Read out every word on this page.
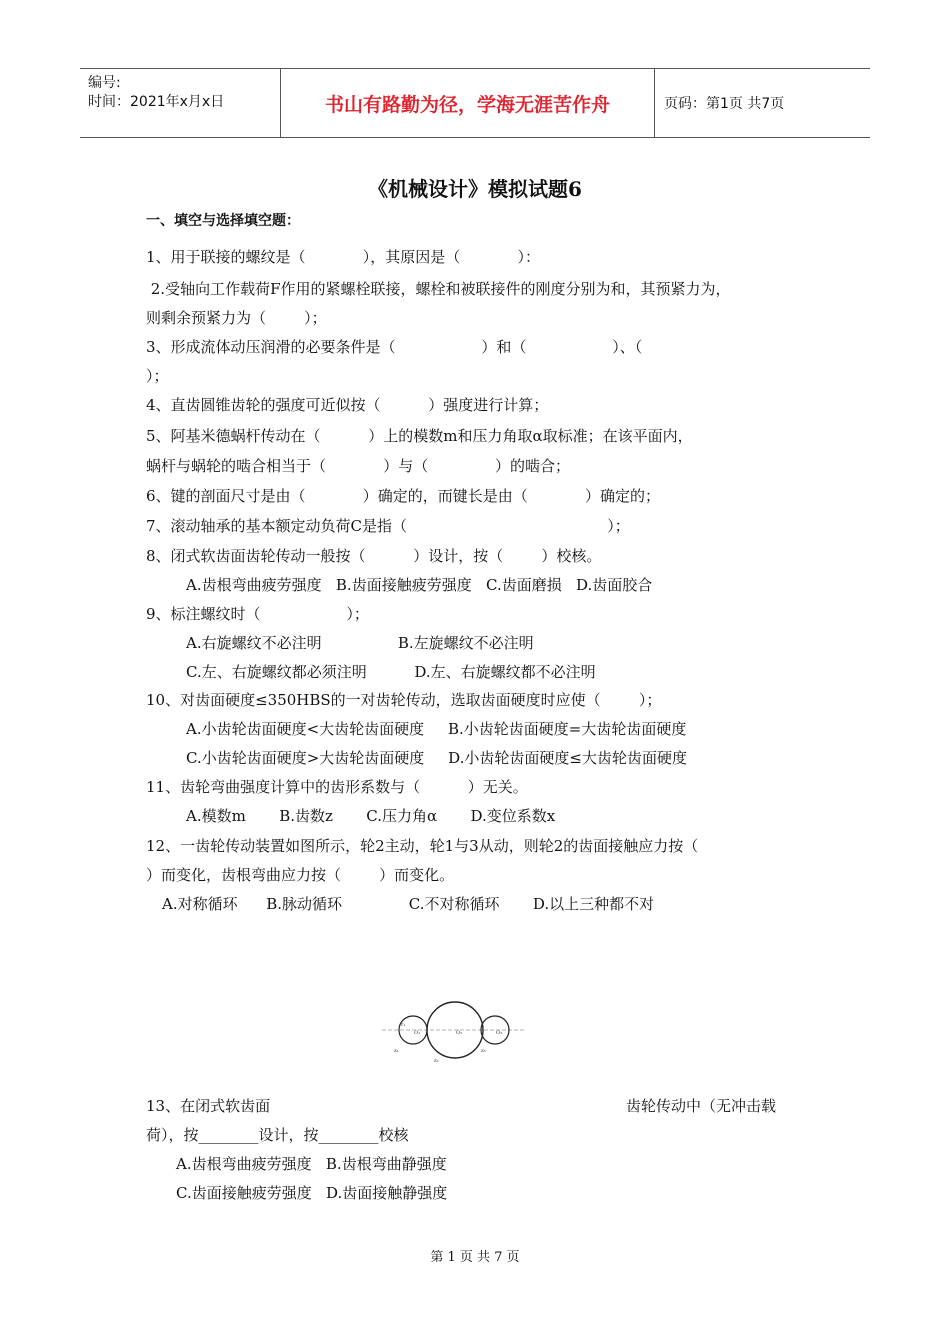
编号:
时间：2021年x月x日	书山有路勤为径，学海无涯苦作舟	页码：第1页 共7页
《机械设计》模拟试题6
一、填空与选择填空题：
1、用于联接的螺纹是（            ），其原因是（            ）：
2.受轴向工作载荷F作用的紧螺栓联接，螺栓和被联接件的刚度分别为和，其预紧力为，
则剩余预紧力为（        ）；
3、形成流体动压润滑的必要条件是（                  ）和（                  ）、（
）；
4、直齿圆锥齿轮的强度可近似按（          ）强度进行计算；
5、阿基米德蜗杆传动在（          ）上的模数m和压力角取α取标准；在该平面内，
蜗杆与蜗轮的啮合相当于（            ）与（              ）的啮合；
6、键的剖面尺寸是由（            ）确定的，而键长是由（            ）确定的；
7、滚动轴承的基本额定动负荷C是指（                                          ）；
8、闭式软齿面齿轮传动一般按（          ）设计，按（        ）校核。
A.齿根弯曲疲劳强度   B.齿面接触疲劳强度   C.齿面磨损   D.齿面胶合
9、标注螺纹时（                  ）；
A.右旋螺纹不必注明                B.左旋螺纹不必注明
C.左、右旋螺纹都必须注明          D.左、右旋螺纹都不必注明
10、对齿面硬度≤350HBS的一对齿轮传动，选取齿面硬度时应使（        ）；
A.小齿轮齿面硬度<大齿轮齿面硬度     B.小齿轮齿面硬度=大齿轮齿面硬度
C.小齿轮齿面硬度>大齿轮齿面硬度     D.小齿轮齿面硬度≤大齿轮齿面硬度
11、齿轮弯曲强度计算中的齿形系数与（          ）无关。
A.模数m       B.齿数z       C.压力角α       D.变位系数x
12、一齿轮传动装置如图所示，轮2主动，轮1与3从动，则轮2的齿面接触应力按（
）而变化，齿根弯曲应力按（        ）而变化。
A.对称循环      B.脉动循环              C.不对称循环       D.以上三种都不对
O₁	O₂	O₃
z₁
z₂
z₃
r₁
13、在闭式软齿面	齿轮传动中（无冲击载
荷），按________设计，按________校核
A.齿根弯曲疲劳强度   B.齿根弯曲静强度
C.齿面接触疲劳强度   D.齿面接触静强度
第 1 页 共 7 页
